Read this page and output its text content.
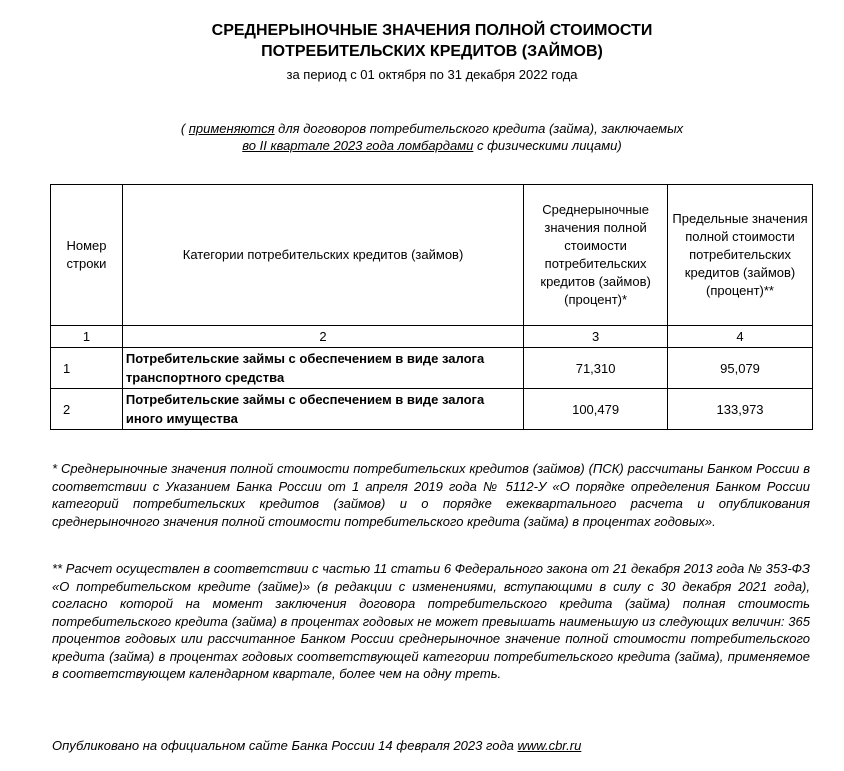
СРЕДНЕРЫНОЧНЫЕ ЗНАЧЕНИЯ ПОЛНОЙ СТОИМОСТИ
ПОТРЕБИТЕЛЬСКИХ КРЕДИТОВ (ЗАЙМОВ)
за период с 01 октября по 31 декабря 2022 года
( применяются для договоров потребительского кредита (займа), заключаемых
во II квартале 2023 года ломбардами с физическими лицами)
Номер строки	Категории потребительских кредитов (займов)	Среднерыночные значения полной стоимости потребительских кредитов (займов) (процент)*	Предельные значения полной стоимости потребительских кредитов (займов) (процент)**
1	2	3	4
1	Потребительские займы с обеспечением в виде залога транспортного средства	71,310	95,079
2	Потребительские займы с обеспечением в виде залога иного имущества	100,479	133,973

* Среднерыночные значения полной стоимости потребительских кредитов (займов) (ПСК) рассчитаны Банком России в соответствии с Указанием Банка России от 1 апреля 2019 года № 5112-У «О порядке определения Банком России категорий потребительских кредитов (займов) и о порядке ежеквартального расчета и опубликования среднерыночного значения полной стоимости потребительского кредита (займа) в процентах годовых».

** Расчет осуществлен в соответствии с частью 11 статьи 6 Федерального закона от 21 декабря 2013 года № 353-ФЗ «О потребительском кредите (займе)» (в редакции с изменениями, вступающими в силу с 30 декабря 2021 года), согласно которой на момент заключения договора потребительского кредита (займа) полная стоимость потребительского кредита (займа) в процентах годовых не может превышать наименьшую из следующих величин: 365 процентов годовых или рассчитанное Банком России среднерыночное значение полной стоимости потребительского кредита (займа) в процентах годовых соответствующей категории потребительского кредита (займа), применяемое в соответствующем календарном квартале, более чем на одну треть.

Опубликовано на официальном сайте Банка России 14 февраля 2023 года www.cbr.ru
